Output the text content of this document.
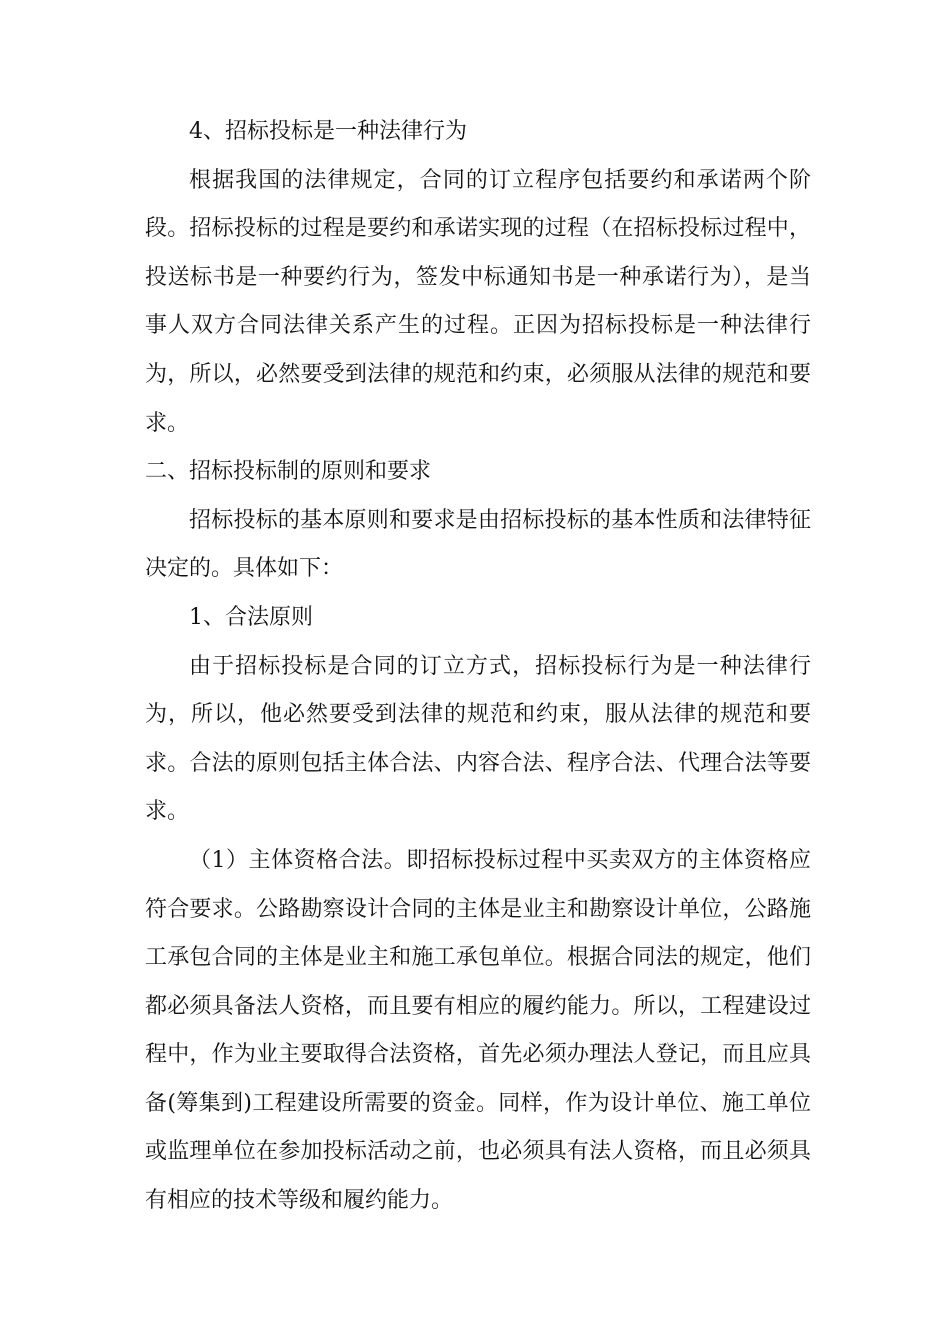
4、招标投标是一种法律行为

根据我国的法律规定，合同的订立程序包括要约和承诺两个阶段。招标投标的过程是要约和承诺实现的过程（在招标投标过程中，投送标书是一种要约行为，签发中标通知书是一种承诺行为），是当事人双方合同法律关系产生的过程。正因为招标投标是一种法律行为，所以，必然要受到法律的规范和约束，必须服从法律的规范和要求。

二、招标投标制的原则和要求

招标投标的基本原则和要求是由招标投标的基本性质和法律特征决定的。具体如下：

1、合法原则

由于招标投标是合同的订立方式，招标投标行为是一种法律行为，所以，他必然要受到法律的规范和约束，服从法律的规范和要求。合法的原则包括主体合法、内容合法、程序合法、代理合法等要求。

（1）主体资格合法。即招标投标过程中买卖双方的主体资格应符合要求。公路勘察设计合同的主体是业主和勘察设计单位，公路施工承包合同的主体是业主和施工承包单位。根据合同法的规定，他们都必须具备法人资格，而且要有相应的履约能力。所以，工程建设过程中，作为业主要取得合法资格，首先必须办理法人登记，而且应具备(筹集到)工程建设所需要的资金。同样，作为设计单位、施工单位或监理单位在参加投标活动之前，也必须具有法人资格，而且必须具有相应的技术等级和履约能力。
